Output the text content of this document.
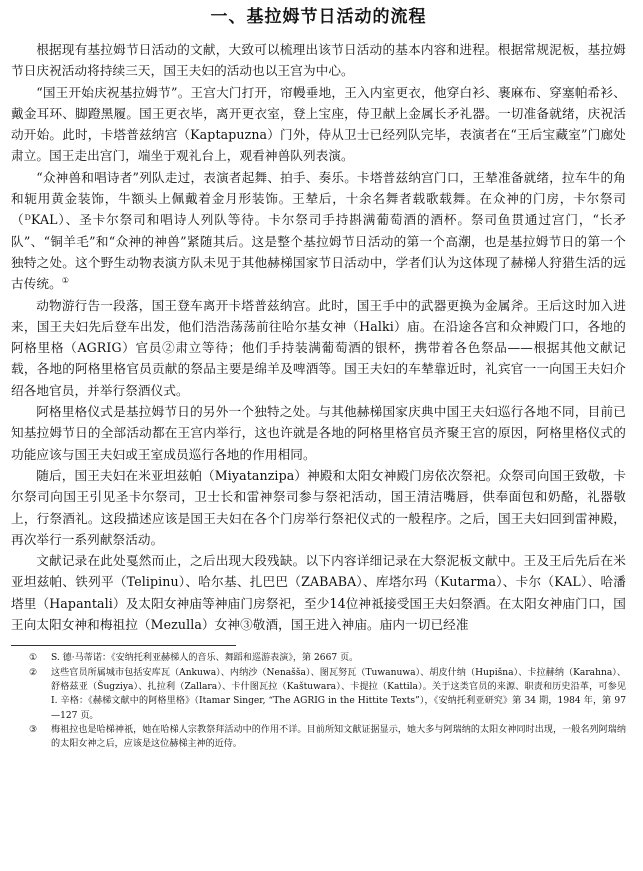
一、基拉姆节日活动的流程

根据现有基拉姆节日活动的文献，大致可以梳理出该节日活动的基本内容和进程。根据常规泥板，基拉姆节日庆祝活动将持续三天，国王夫妇的活动也以王宫为中心。

“国王开始庆祝基拉姆节”。王宫大门打开，帘幔垂地，王入内室更衣，他穿白衫、裹麻布、穿塞帕希衫、戴金耳环、脚蹬黑履。国王更衣毕，离开更衣室，登上宝座，侍卫献上金属长矛礼器。一切准备就绪，庆祝活动开始。此时，卡塔普兹纳宫（Kaptapuzna）门外，侍从卫士已经列队完毕，表演者在“王后宝藏室”门廊处肃立。国王走出宫门，端坐于观礼台上，观看神兽队列表演。

“众神兽和唱诗者”列队走过，表演者起舞、拍手、奏乐。卡塔普兹纳宫门口，王辇准备就绪，拉车牛的角和轭用黄金装饰，牛额头上佩戴着金月形装饰。王辇后，十余名舞者载歌载舞。在众神的门房，卡尔祭司（ᴰKAL）、圣卡尔祭司和唱诗人列队等待。卡尔祭司手持斟满葡萄酒的酒杯。祭司鱼贯通过宫门，“长矛队”、“铜羊毛”和“众神的神兽”紧随其后。这是整个基拉姆节日活动的第一个高潮，也是基拉姆节日的第一个独特之处。这个野生动物表演方队未见于其他赫梯国家节日活动中，学者们认为这体现了赫梯人狩猎生活的远古传统。①

动物游行告一段落，国王登车离开卡塔普兹纳宫。此时，国王手中的武器更换为金属斧。王后这时加入进来，国王夫妇先后登车出发，他们浩浩荡荡前往哈尔基女神（Halki）庙。在沿途各宫和众神殿门口，各地的阿格里格（AGRIG）官员②肃立等待；他们手持装满葡萄酒的银杯，携带着各色祭品——根据其他文献记载，各地的阿格里格官员贡献的祭品主要是绵羊及啤酒等。国王夫妇的车辇靠近时，礼宾官一一向国王夫妇介绍各地官员，并举行祭酒仪式。

阿格里格仪式是基拉姆节日的另外一个独特之处。与其他赫梯国家庆典中国王夫妇巡行各地不同，目前已知基拉姆节日的全部活动都在王宫内举行，这也许就是各地的阿格里格官员齐聚王宫的原因，阿格里格仪式的功能应该与国王夫妇或王室成员巡行各地的作用相同。

随后，国王夫妇在米亚坦兹帕（Miyatanzipa）神殿和太阳女神殿门房依次祭祀。众祭司向国王致敬，卡尔祭司向国王引见圣卡尔祭司，卫士长和雷神祭司参与祭祀活动，国王清洁嘴唇，供奉面包和奶酪，礼器敬上，行祭酒礼。这段描述应该是国王夫妇在各个门房举行祭祀仪式的一般程序。之后，国王夫妇回到雷神殿，再次举行一系列献祭活动。

文献记录在此处戛然而止，之后出现大段残缺。以下内容详细记录在大祭泥板文献中。王及王后先后在米亚坦兹帕、铁列平（Telipinu）、哈尔基、扎巴巴（ZABABA）、库塔尔玛（Kutarma）、卡尔（KAL）、哈潘塔里（Hapantali）及太阳女神庙等神庙门房祭祀，至少14位神祗接受国王夫妇祭酒。在太阳女神庙门口，国王向太阳女神和梅祖拉（Mezulla）女神③敬酒，国王进入神庙。庙内一切已经准

①	S. 德·马蒂诺：《安纳托利亚赫梯人的音乐、舞蹈和巡游表演》，第 2667 页。
②	这些官员所属城市包括安库瓦（Ankuwa）、内纳沙（Nenašša）、图瓦努瓦（Tuwanuwa）、胡皮什纳（Hupišna）、卡拉赫纳（Karahna）、舒格兹亚（Šugziya）、扎拉利（Zallara）、卡什图瓦拉（Kaštuwara）、卡提拉（Kattila）。关于这类官员的来源、职责和历史沿革，可参见 I. 辛格：《赫梯文献中的阿格里格》（Itamar Singer, “The AGRIG in the Hittite Texts”），《安纳托利亚研究》第 34 期，1984 年，第 97—127 页。
③	梅祖拉也是哈梯神祇，她在哈梯人宗教祭拜活动中的作用不详。目前所知文献证据显示，她大多与阿瑞纳的太阳女神同时出现，一般名列阿瑞纳的太阳女神之后，应该是这位赫梯主神的近侍。
